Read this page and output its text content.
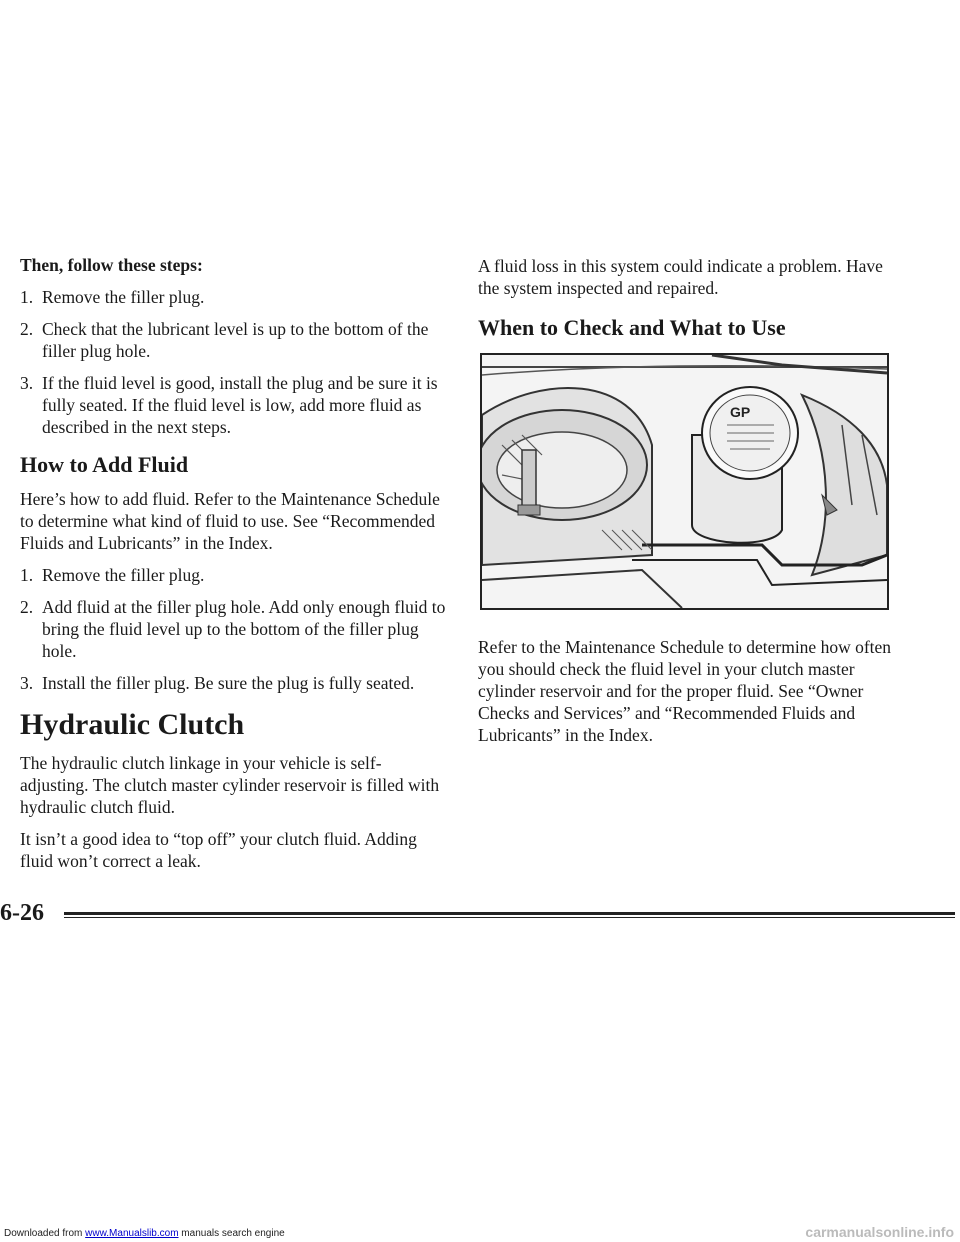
Then, follow these steps:

1. Remove the filler plug.
2. Check that the lubricant level is up to the bottom of the filler plug hole.
3. If the fluid level is good, install the plug and be sure it is fully seated. If the fluid level is low, add more fluid as described in the next steps.
How to Add Fluid

Here’s how to add fluid. Refer to the Maintenance Schedule to determine what kind of fluid to use. See “Recommended Fluids and Lubricants” in the Index.

1. Remove the filler plug.
2. Add fluid at the filler plug hole. Add only enough fluid to bring the fluid level up to the bottom of the filler plug hole.
3. Install the filler plug. Be sure the plug is fully seated.
Hydraulic Clutch

The hydraulic clutch linkage in your vehicle is self-adjusting. The clutch master cylinder reservoir is filled with hydraulic clutch fluid.

It isn’t a good idea to “top off” your clutch fluid. Adding fluid won’t correct a leak.

A fluid loss in this system could indicate a problem. Have the system inspected and repaired.

When to Check and What to Use
GP

Refer to the Maintenance Schedule to determine how often you should check the fluid level in your clutch master cylinder reservoir and for the proper fluid. See “Owner Checks and Services” and “Recommended Fluids and Lubricants” in the Index.

6-26
Downloaded from www.Manualslib.com manuals search engine	carmanualsonline.info
